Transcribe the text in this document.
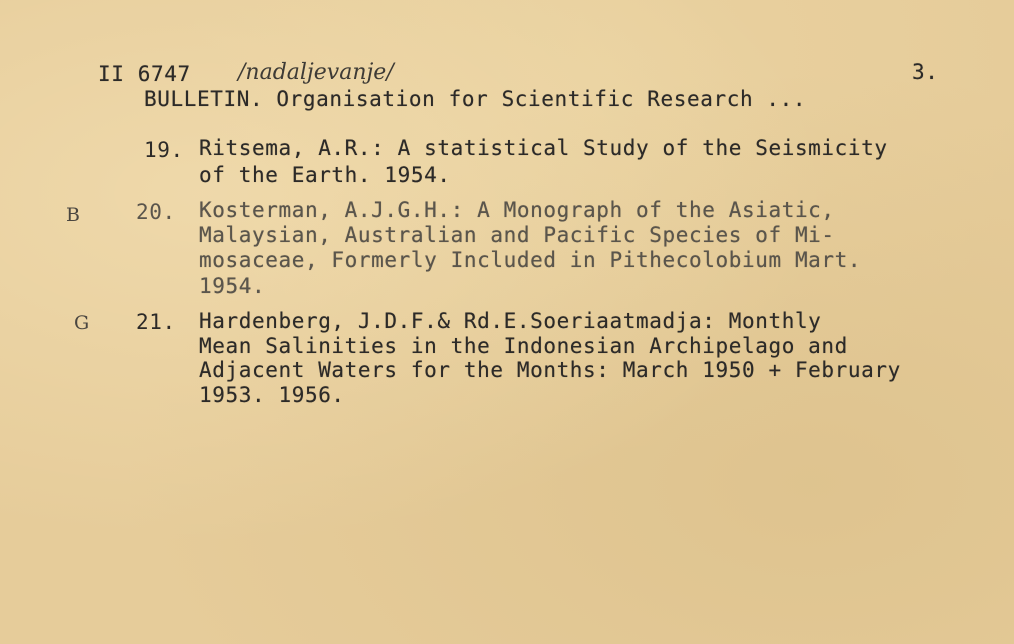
II 6747 /nadaljevanje/	3.
BULLETIN. Organisation for Scientific Research ...
19. Ritsema, A.R.: A statistical Study of the Seismicity
of the Earth. 1954.
B	20. Kosterman, A.J.G.H.: A Monograph of the Asiatic,
Malaysian, Australian and Pacific Species of Mi-
mosaceae, Formerly Included in Pithecolobium Mart.
1954.
G 21. Hardenberg, J.D.F.& Rd.E.Soeriaatmadja: Monthly
Mean Salinities in the Indonesian Archipelago and
Adjacent Waters for the Months: March 1950 + February
1953. 1956.
